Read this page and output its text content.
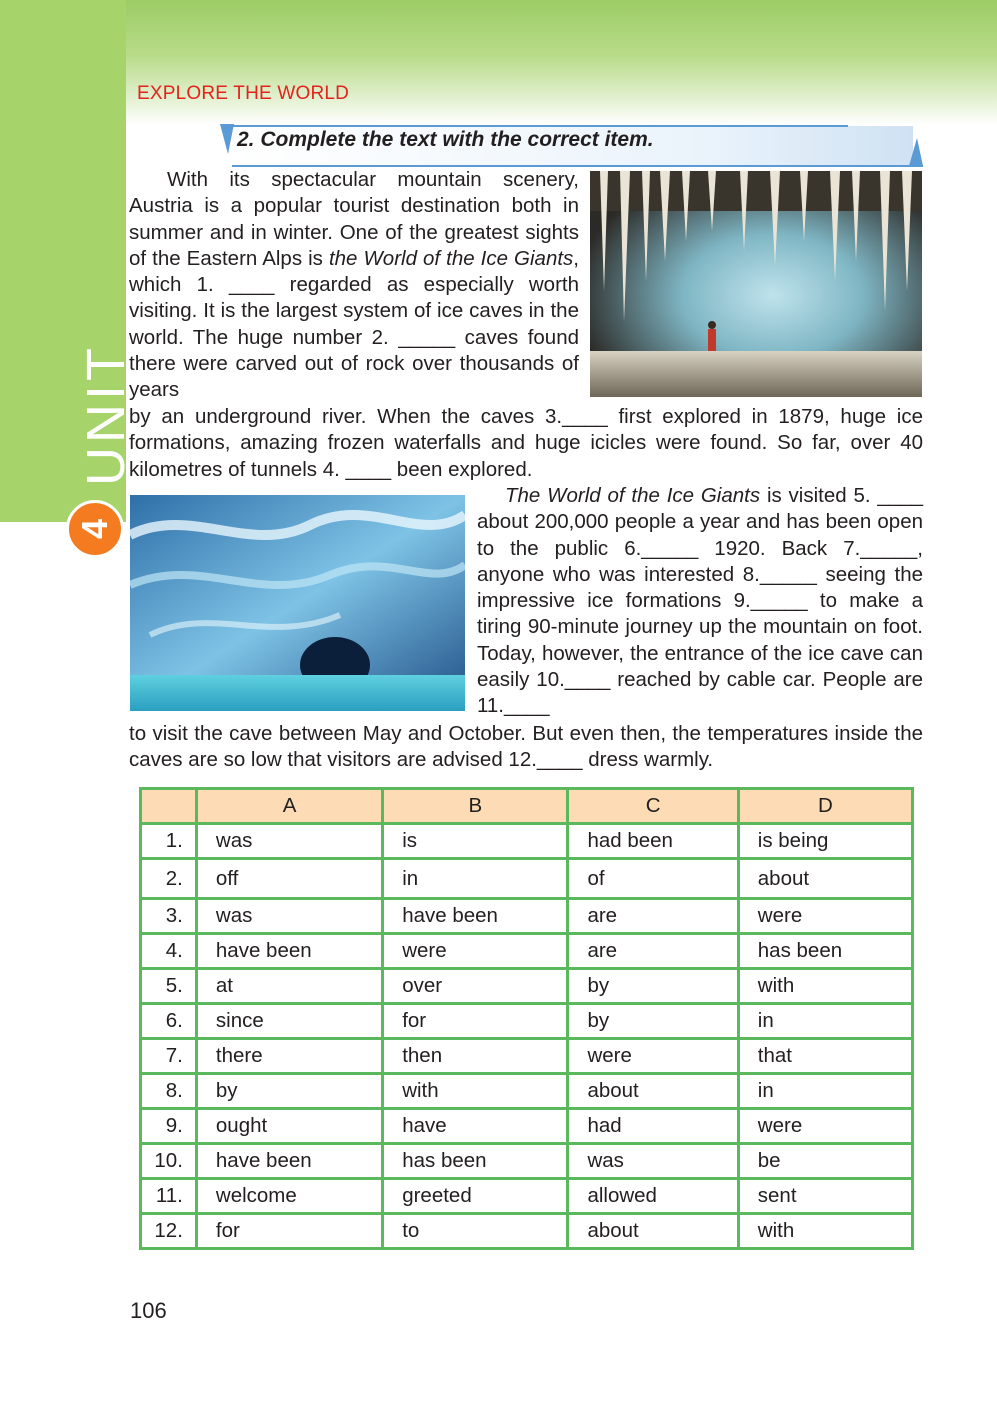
EXPLORE THE WORLD
UNIT
4
2. Complete the text with the correct item.
With its spectacular mountain scenery, Austria is a popular tourist destination both in summer and in winter. One of the greatest sights of the Eastern Alps is the World of the Ice Giants, which 1. ____ regarded as especially worth visiting. It is the largest system of ice caves in the world. The huge number 2. _____ caves found there were carved out of rock over thousands of years
by an underground river. When the caves 3.____ first explored in 1879, huge ice formations, amazing frozen waterfalls and huge icicles were found. So far, over 40 kilometres of tunnels 4. ____ been explored.
The World of the Ice Giants is visited 5. ____ about 200,000 people a year and has been open to the public 6._____ 1920. Back 7._____, anyone who was interested 8._____ seeing the impressive ice formations 9._____ to make a tiring 90-minute journey up the mountain on foot. Today, however, the entrance of the ice cave can easily 10.____ reached by cable car. People are 11.____
to visit the cave between May and October. But even then, the temperatures inside the caves are so low that visitors are advised 12.____ dress warmly.
	A	B	C	D
1.	was	is	had been	is being
2.	off	in	of	about
3.	was	have been	are	were
4.	have been	were	are	has been
5.	at	over	by	with
6.	since	for	by	in
7.	there	then	were	that
8.	by	with	about	in
9.	ought	have	had	were
10.	have been	has been	was	be
11.	welcome	greeted	allowed	sent
12.	for	to	about	with
106
